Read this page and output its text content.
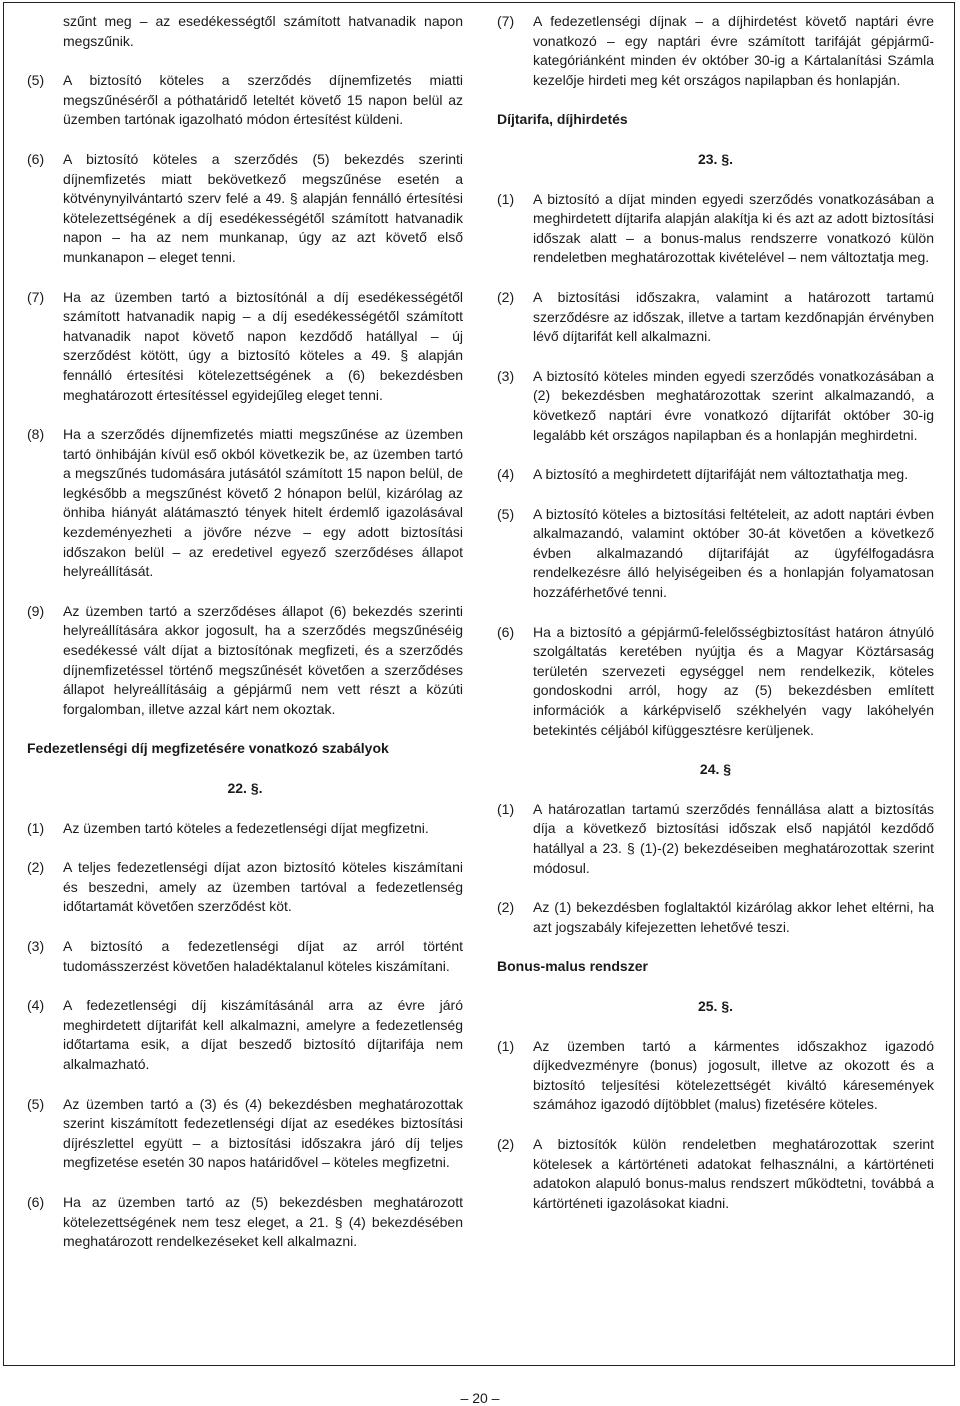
szűnt meg – az esedékességtől számított hatvanadik napon megszűnik.
(5)	A biztosító köteles a szerződés díjnemfizetés miatti megszűnéséről a póthatáridő leteltét követő 15 napon belül az üzemben tartónak igazolható módon értesítést küldeni.
(6)	A biztosító köteles a szerződés (5) bekezdés szerinti díjnemfizetés miatt bekövetkező megszűnése esetén a kötvénynyilvántartó szerv felé a 49. § alapján fennálló értesítési kötelezettségének a díj esedékességétől számított hatvanadik napon – ha az nem munkanap, úgy az azt követő első munkanapon – eleget tenni.
(7)	Ha az üzemben tartó a biztosítónál a díj esedékességétől számított hatvanadik napig – a díj esedékességétől számított hatvanadik napot követő napon kezdődő hatállyal – új szerződést kötött, úgy a biztosító köteles a 49. § alapján fennálló értesítési kötelezettségének a (6) bekezdésben meghatározott értesítéssel egyidejűleg eleget tenni.
(8)	Ha a szerződés díjnemfizetés miatti megszűnése az üzemben tartó önhibáján kívül eső okból következik be, az üzemben tartó a megszűnés tudomására jutásától számított 15 napon belül, de legkésőbb a megszűnést követő 2 hónapon belül, kizárólag az önhiba hiányát alátámasztó tények hitelt érdemlő igazolásával kezdeményezheti a jövőre nézve – egy adott biztosítási időszakon belül – az eredetivel egyező szerződéses állapot helyreállítását.
(9)	Az üzemben tartó a szerződéses állapot (6) bekezdés szerinti helyreállítására akkor jogosult, ha a szerződés megszűnéséig esedékessé vált díjat a biztosítónak megfizeti, és a szerződés díjnemfizetéssel történő megszűnését követően a szerződéses állapot helyreállításáig a gépjármű nem vett részt a közúti forgalomban, illetve azzal kárt nem okoztak.
Fedezetlenségi díj megfizetésére vonatkozó szabályok
22. §.
(1)	Az üzemben tartó köteles a fedezetlenségi díjat megfizetni.
(2)	A teljes fedezetlenségi díjat azon biztosító köteles kiszámítani és beszedni, amely az üzemben tartóval a fedezetlenség időtartamát követően szerződést köt.
(3)	A biztosító a fedezetlenségi díjat az arról történt tudomásszerzést követően haladéktalanul köteles kiszámítani.
(4)	A fedezetlenségi díj kiszámításánál arra az évre járó meghirdetett díjtarifát kell alkalmazni, amelyre a fedezetlenség időtartama esik, a díjat beszedő biztosító díjtarifája nem alkalmazható.
(5)	Az üzemben tartó a (3) és (4) bekezdésben meghatározottak szerint kiszámított fedezetlenségi díjat az esedékes biztosítási díjrészlettel együtt – a biztosítási időszakra járó díj teljes megfizetése esetén 30 napos határidővel – köteles megfizetni.
(6)	Ha az üzemben tartó az (5) bekezdésben meghatározott kötelezettségének nem tesz eleget, a 21. § (4) bekezdésében meghatározott rendelkezéseket kell alkalmazni.
(7)	A fedezetlenségi díjnak – a díjhirdetést követő naptári évre vonatkozó – egy naptári évre számított tarifáját gépjármű-kategóriánként minden év október 30-ig a Kártalanítási Számla kezelője hirdeti meg két országos napilapban és honlapján.
Díjtarifa, díjhirdetés
23. §.
(1)	A biztosító a díjat minden egyedi szerződés vonatkozásában a meghirdetett díjtarifa alapján alakítja ki és azt az adott biztosítási időszak alatt – a bonus-malus rendszerre vonatkozó külön rendeletben meghatározottak kivételével – nem változtatja meg.
(2)	A biztosítási időszakra, valamint a határozott tartamú szerződésre az időszak, illetve a tartam kezdőnapján érvényben lévő díjtarifát kell alkalmazni.
(3)	A biztosító köteles minden egyedi szerződés vonatkozásában a (2) bekezdésben meghatározottak szerint alkalmazandó, a következő naptári évre vonatkozó díjtarifát október 30-ig legalább két országos napilapban és a honlapján meghirdetni.
(4)	A biztosító a meghirdetett díjtarifáját nem változtathatja meg.
(5)	A biztosító köteles a biztosítási feltételeit, az adott naptári évben alkalmazandó, valamint október 30-át követően a következő évben alkalmazandó díjtarifáját az ügyfélfogadásra rendelkezésre álló helyiségeiben és a honlapján folyamatosan hozzáférhetővé tenni.
(6)	Ha a biztosító a gépjármű-felelősségbiztosítást határon átnyúló szolgáltatás keretében nyújtja és a Magyar Köztársaság területén szervezeti egységgel nem rendelkezik, köteles gondoskodni arról, hogy az (5) bekezdésben említett információk a kárképviselő székhelyén vagy lakóhelyén betekintés céljából kifüggesztésre kerüljenek.
24. §
(1)	A határozatlan tartamú szerződés fennállása alatt a biztosítás díja a következő biztosítási időszak első napjától kezdődő hatállyal a 23. § (1)-(2) bekezdéseiben meghatározottak szerint módosul.
(2)	Az (1) bekezdésben foglaltaktól kizárólag akkor lehet eltérni, ha azt jogszabály kifejezetten lehetővé teszi.
Bonus-malus rendszer
25. §.
(1)	Az üzemben tartó a kármentes időszakhoz igazodó díjkedvezményre (bonus) jogosult, illetve az okozott és a biztosító teljesítési kötelezettségét kiváltó káresemények számához igazodó díjtöbblet (malus) fizetésére köteles.
(2)	A biztosítók külön rendeletben meghatározottak szerint kötelesek a kártörténeti adatokat felhasználni, a kártörténeti adatokon alapuló bonus-malus rendszert működtetni, továbbá a kártörténeti igazolásokat kiadni.
– 20 –
